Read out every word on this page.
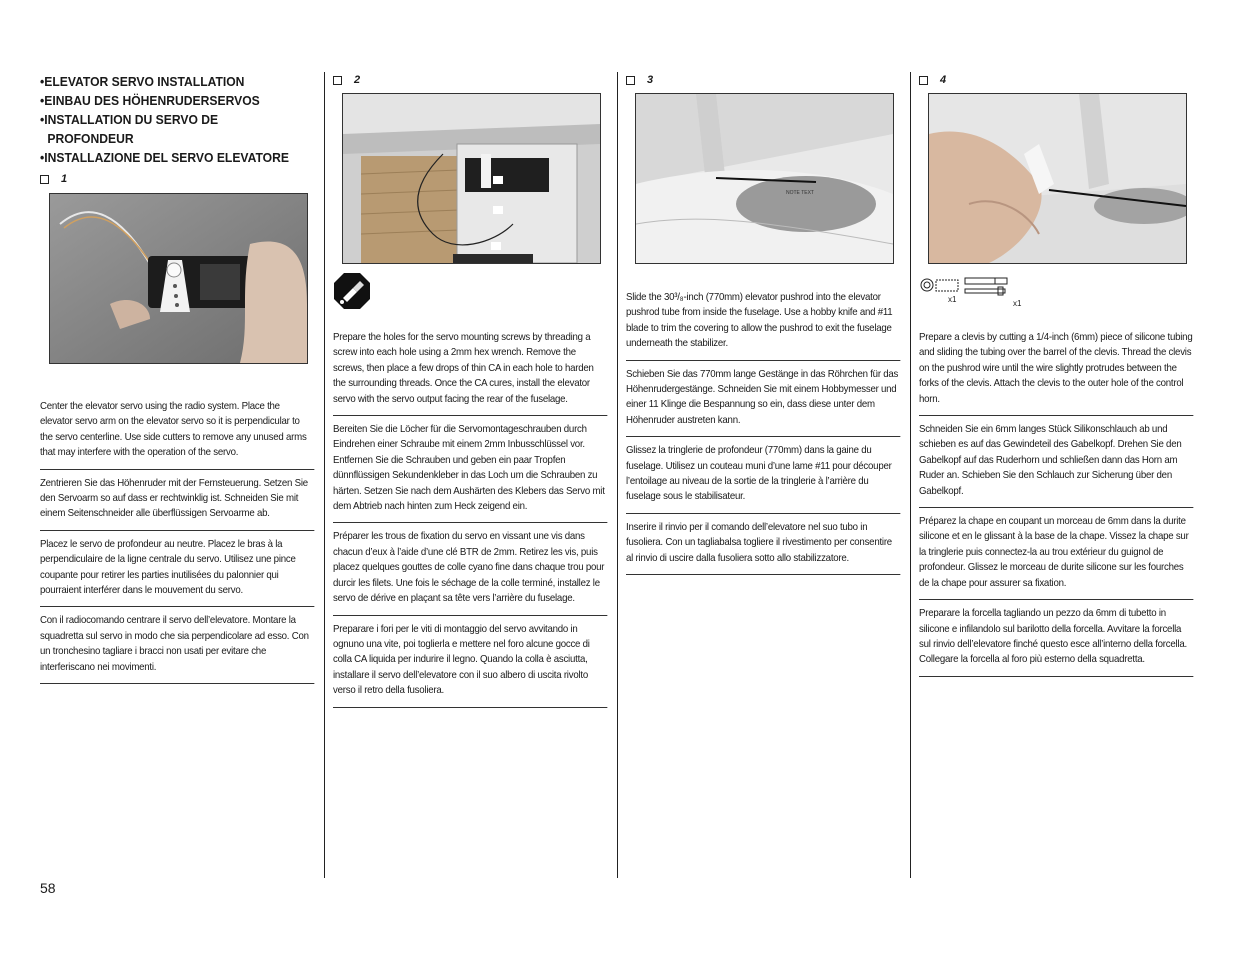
•ELEVATOR SERVO INSTALLATION

•EINBAU DES HÖHENRUDERSERVOS

•INSTALLATION DU SERVO DE

PROFONDEUR

•INSTALLAZIONE DEL SERVO ELEVATORE

1

Center the elevator servo using the radio system. Place the elevator servo arm on the elevator servo so it is perpendicular to the servo centerline. Use side cutters to remove any unused arms that may interfere with the operation of the servo.

Zentrieren Sie das Höhenruder mit der Fernsteuerung. Setzen Sie den Servoarm so auf dass er rechtwinklig ist. Schneiden Sie mit einem Seitenschneider alle überflüssigen Servoarme ab.

Placez le servo de profondeur au neutre. Placez le bras à la perpendiculaire de la ligne centrale du servo. Utilisez une pince coupante pour retirer les parties inutilisées du palonnier qui pourraient interférer dans le mouvement du servo.

Con il radiocomando centrare il servo dell’elevatore. Montare la squadretta sul servo in modo che sia perpendicolare ad esso. Con un tronchesino tagliare i bracci non usati per evitare che interferiscano nei movimenti.

2

Prepare the holes for the servo mounting screws by threading a screw into each hole using a 2mm hex wrench. Remove the screws, then place a few drops of thin CA in each hole to harden the surrounding threads. Once the CA cures, install the elevator servo with the servo output facing the rear of the fuselage.

Bereiten Sie die Löcher für die Servomontageschrauben durch Eindrehen einer Schraube mit einem 2mm Inbusschlüssel vor. Entfernen Sie die Schrauben und geben ein paar Tropfen dünnflüssigen Sekundenkleber in das Loch um die Schrauben zu härten. Setzen Sie nach dem Aushärten des Klebers das Servo mit dem Abtrieb nach hinten zum Heck zeigend ein.

Préparer les trous de fixation du servo en vissant une vis dans chacun d’eux à l’aide d’une clé BTR de 2mm. Retirez les vis, puis placez quelques gouttes de colle cyano fine dans chaque trou pour durcir les filets. Une fois le séchage de la colle terminé, installez le servo de dérive en plaçant sa tête vers l’arrière du fuselage.

Preparare i fori per le viti di montaggio del servo avvitando in ognuno una vite, poi toglierla e mettere nel foro alcune gocce di colla CA liquida per indurire il legno. Quando la colla è asciutta, installare il servo dell’elevatore con il suo albero di uscita rivolto verso il retro della fusoliera.

3

Slide the 30³/₈-inch (770mm) elevator pushrod into the elevator pushrod tube from inside the fuselage. Use a hobby knife and #11 blade to trim the covering to allow the pushrod to exit the fuselage underneath the stabilizer.

Schieben Sie das 770mm lange Gestänge in das Röhrchen für das Höhenrudergestänge. Schneiden Sie mit einem Hobbymesser und einer 11 Klinge die Bespannung so ein, dass diese unter dem Höhenruder austreten kann.

Glissez la tringlerie de profondeur (770mm) dans la gaine du fuselage. Utilisez un couteau muni d’une lame #11 pour découper l’entoilage au niveau de la sortie de la tringlerie à l’arrière du fuselage sous le stabilisateur.

Inserire il rinvio per il comando dell’elevatore nel suo tubo in fusoliera. Con un tagliabalsa togliere il rivestimento per consentire al rinvio di uscire dalla fusoliera sotto allo stabilizzatore.

NOTE TEXT
4

Prepare a clevis by cutting a 1/4-inch (6mm) piece of silicone tubing and sliding the tubing over the barrel of the clevis. Thread the clevis on the pushrod wire until the wire slightly protrudes between the forks of the clevis. Attach the clevis to the outer hole of the control horn.

Schneiden Sie ein 6mm langes Stück Silikonschlauch ab und schieben es auf das Gewindeteil des Gabelkopf. Drehen Sie den Gabelkopf auf das Ruderhorn und schließen dann das Horn am Ruder an. Schieben Sie den Schlauch zur Sicherung über den Gabelkopf.

Préparez la chape en coupant un morceau de 6mm dans la durite silicone et en le glissant à la base de la chape. Vissez la chape sur la tringlerie puis connectez-la au trou extérieur du guignol de profondeur. Glissez le morceau de durite silicone sur les fourches de la chape pour assurer sa fixation.

Preparare la forcella tagliando un pezzo da 6mm di tubetto in silicone e infilandolo sul barilotto della forcella. Avvitare la forcella sul rinvio dell’elevatore finché questo esce all’interno della forcella. Collegare la forcella al foro più esterno della squadretta.

x1	x1
58
